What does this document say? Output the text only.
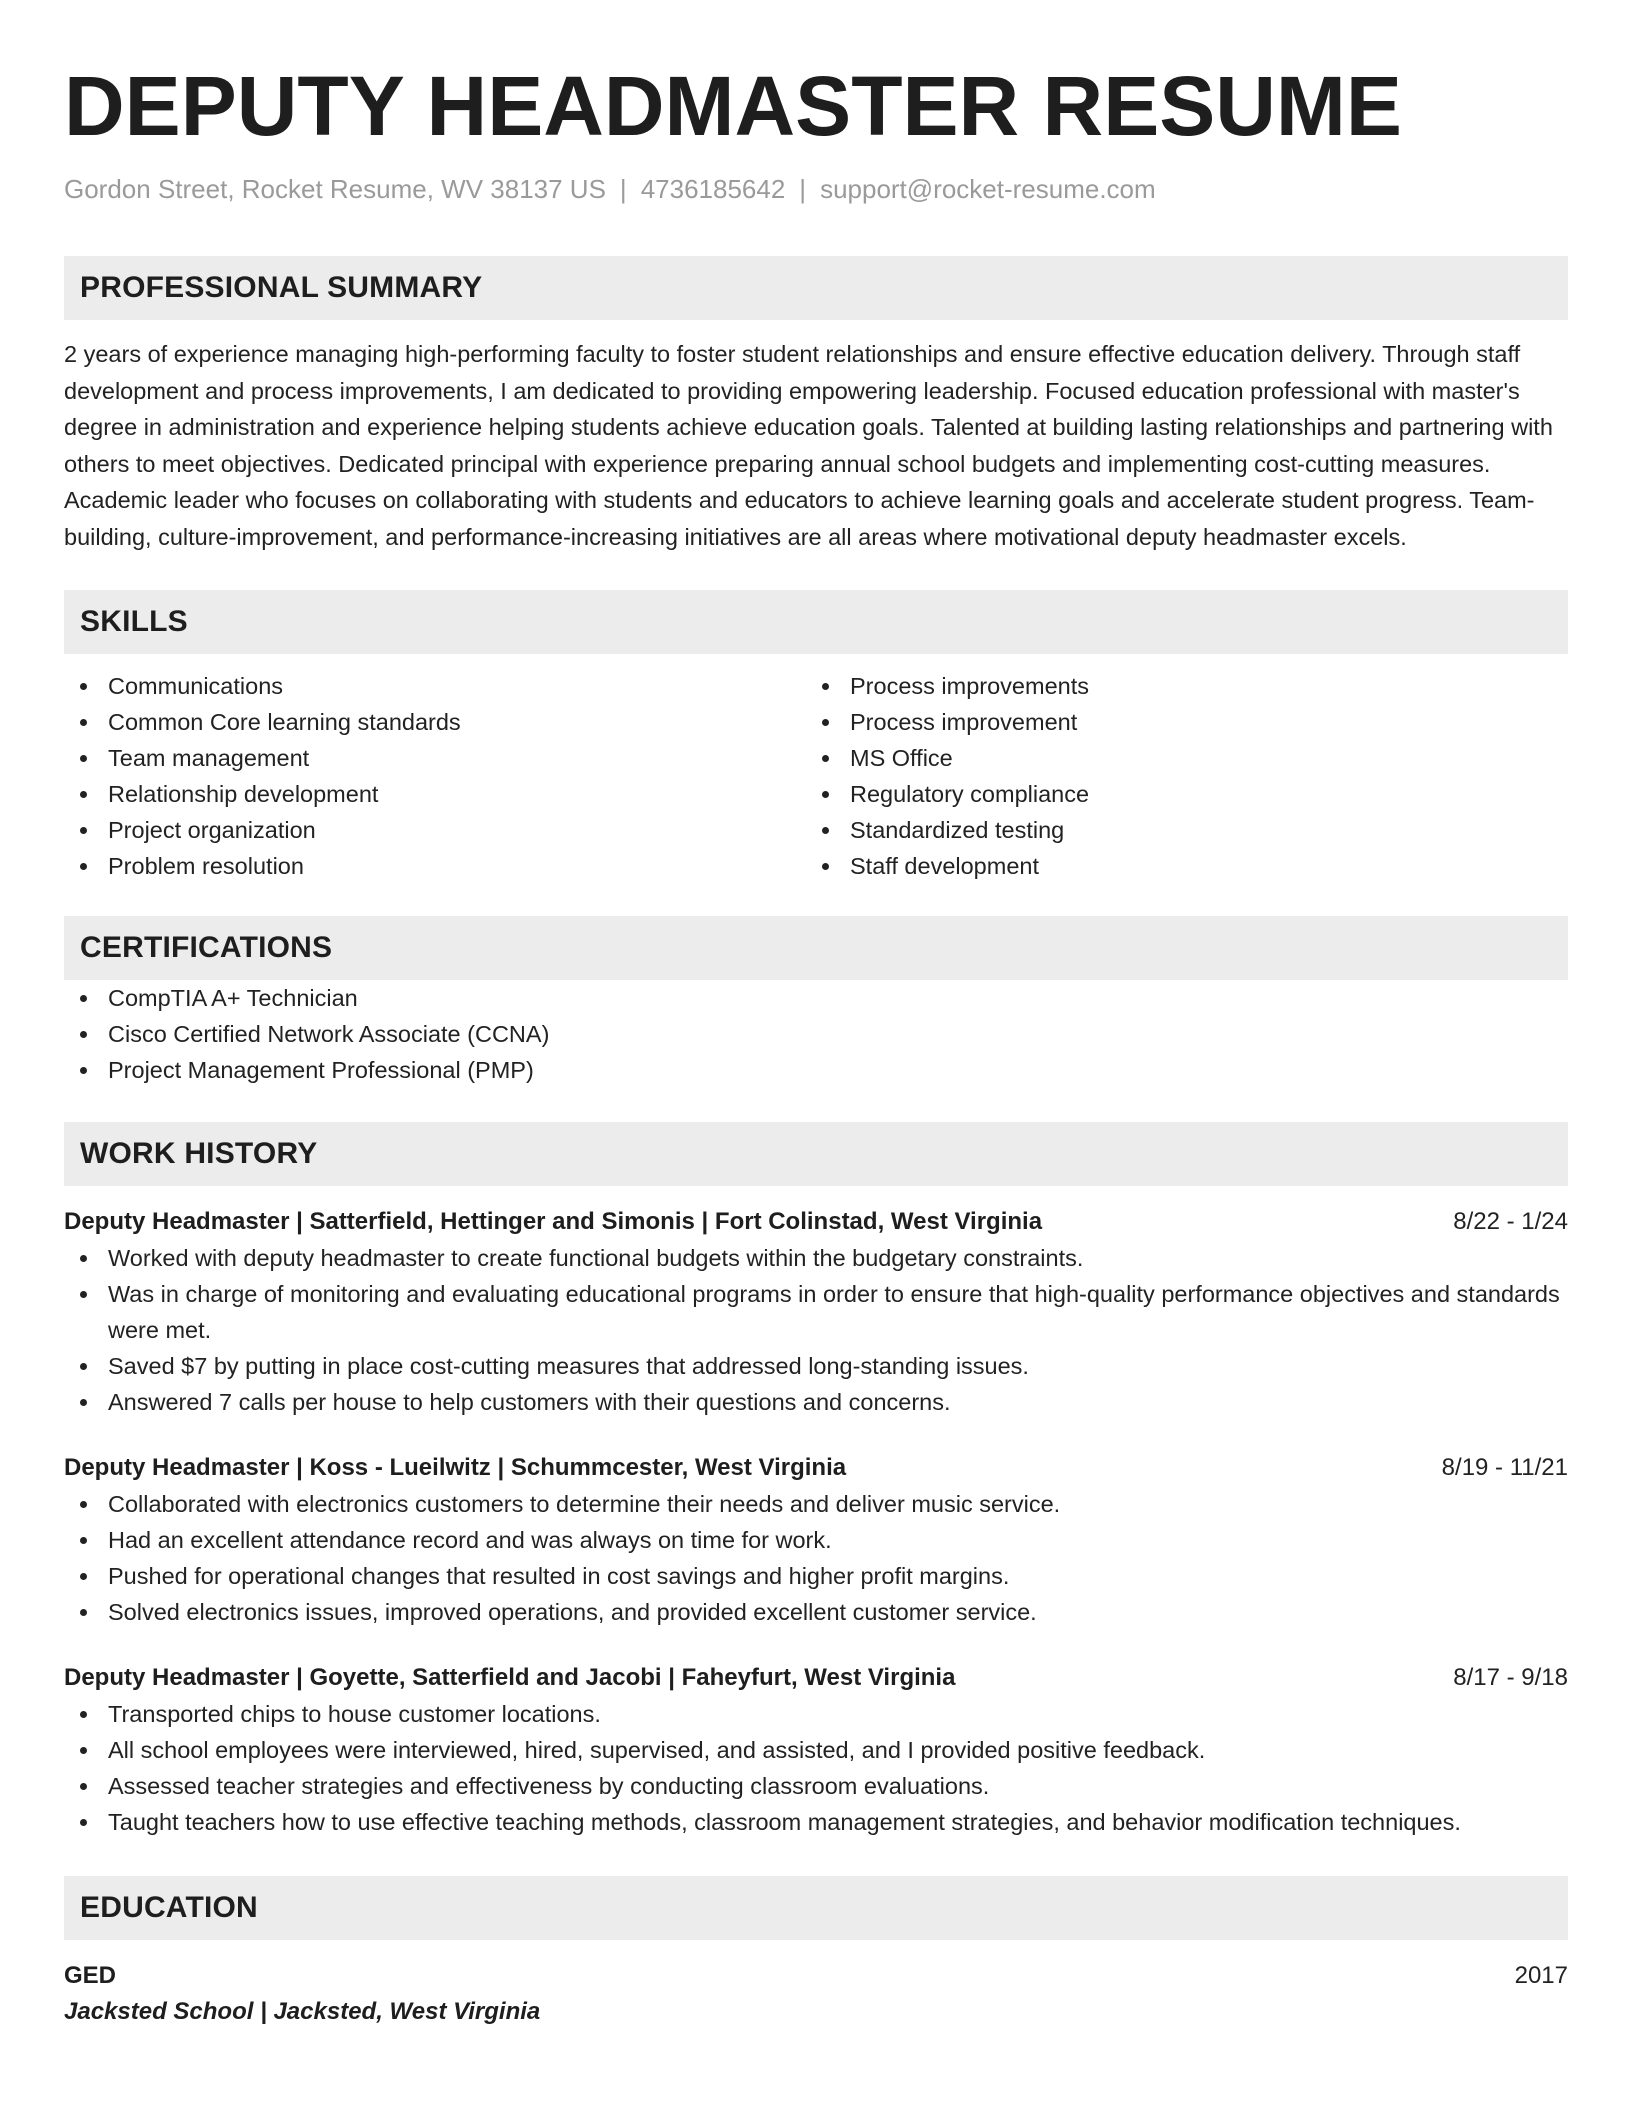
DEPUTY HEADMASTER RESUME
Gordon Street, Rocket Resume, WV 38137 US | 4736185642 | support@rocket-resume.com
PROFESSIONAL SUMMARY
2 years of experience managing high-performing faculty to foster student relationships and ensure effective education delivery. Through staff development and process improvements, I am dedicated to providing empowering leadership. Focused education professional with master's degree in administration and experience helping students achieve education goals. Talented at building lasting relationships and partnering with others to meet objectives. Dedicated principal with experience preparing annual school budgets and implementing cost-cutting measures. Academic leader who focuses on collaborating with students and educators to achieve learning goals and accelerate student progress. Team-building, culture-improvement, and performance-increasing initiatives are all areas where motivational deputy headmaster excels.
SKILLS
Communications
Common Core learning standards
Team management
Relationship development
Project organization
Problem resolution
Process improvements
Process improvement
MS Office
Regulatory compliance
Standardized testing
Staff development
CERTIFICATIONS
CompTIA A+ Technician
Cisco Certified Network Associate (CCNA)
Project Management Professional (PMP)
WORK HISTORY
Deputy Headmaster | Satterfield, Hettinger and Simonis | Fort Colinstad, West Virginia	8/22 - 1/24
Worked with deputy headmaster to create functional budgets within the budgetary constraints.
Was in charge of monitoring and evaluating educational programs in order to ensure that high-quality performance objectives and standards were met.
Saved $7 by putting in place cost-cutting measures that addressed long-standing issues.
Answered 7 calls per house to help customers with their questions and concerns.
Deputy Headmaster | Koss - Lueilwitz | Schummcester, West Virginia	8/19 - 11/21
Collaborated with electronics customers to determine their needs and deliver music service.
Had an excellent attendance record and was always on time for work.
Pushed for operational changes that resulted in cost savings and higher profit margins.
Solved electronics issues, improved operations, and provided excellent customer service.
Deputy Headmaster | Goyette, Satterfield and Jacobi | Faheyfurt, West Virginia	8/17 - 9/18
Transported chips to house customer locations.
All school employees were interviewed, hired, supervised, and assisted, and I provided positive feedback.
Assessed teacher strategies and effectiveness by conducting classroom evaluations.
Taught teachers how to use effective teaching methods, classroom management strategies, and behavior modification techniques.
EDUCATION
GED	2017
Jacksted School | Jacksted, West Virginia
